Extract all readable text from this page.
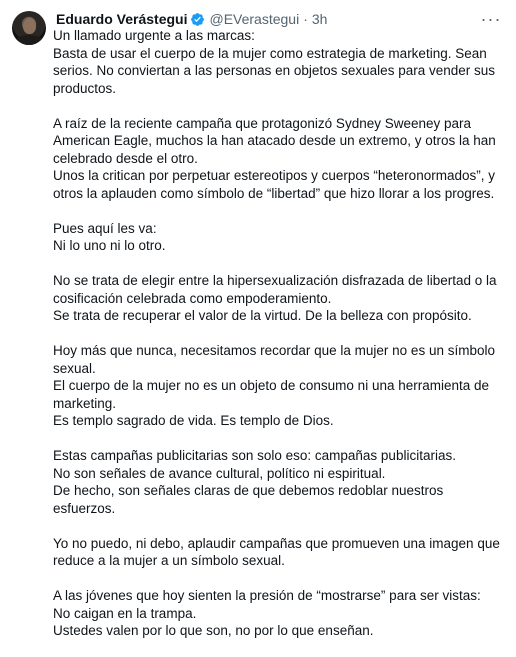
Eduardo Verástegui @EVerastegui · 3h	···

Un llamado urgente a las marcas:
Basta de usar el cuerpo de la mujer como estrategia de marketing. Sean serios. No conviertan a las personas en objetos sexuales para vender sus productos.

A raíz de la reciente campaña que protagonizó Sydney Sweeney para American Eagle, muchos la han atacado desde un extremo, y otros la han celebrado desde el otro.
Unos la critican por perpetuar estereotipos y cuerpos “heteronormados”, y otros la aplauden como símbolo de “libertad” que hizo llorar a los progres.

Pues aquí les va:
Ni lo uno ni lo otro.

No se trata de elegir entre la hipersexualización disfrazada de libertad o la cosificación celebrada como empoderamiento.
Se trata de recuperar el valor de la virtud. De la belleza con propósito.

Hoy más que nunca, necesitamos recordar que la mujer no es un símbolo sexual.
El cuerpo de la mujer no es un objeto de consumo ni una herramienta de marketing.
Es templo sagrado de vida. Es templo de Dios.

Estas campañas publicitarias son solo eso: campañas publicitarias.
No son señales de avance cultural, político ni espiritual.
De hecho, son señales claras de que debemos redoblar nuestros esfuerzos.

Yo no puedo, ni debo, aplaudir campañas que promueven una imagen que reduce a la mujer a un símbolo sexual.

A las jóvenes que hoy sienten la presión de “mostrarse” para ser vistas:
No caigan en la trampa.
Ustedes valen por lo que son, no por lo que enseñan.
